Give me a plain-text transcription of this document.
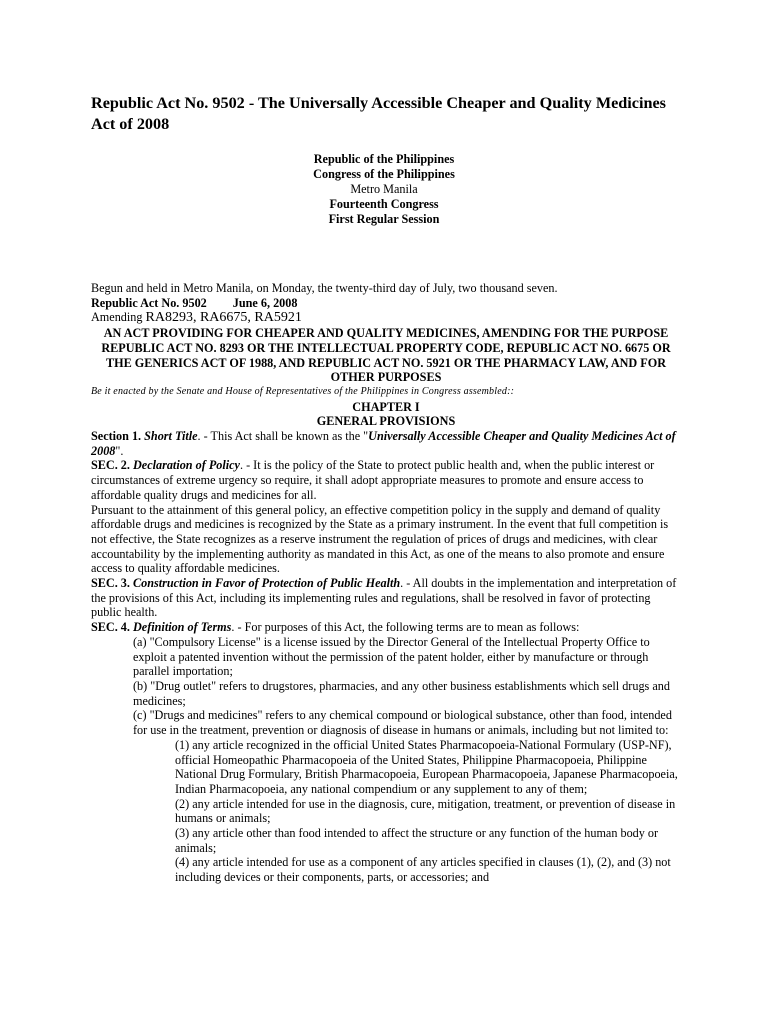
Republic Act No. 9502 - The Universally Accessible Cheaper and Quality Medicines Act of 2008
Republic of the Philippines
Congress of the Philippines
Metro Manila
Fourteenth Congress
First Regular Session

Begun and held in Metro Manila, on Monday, the twenty-third day of July, two thousand seven.

Republic Act No. 9502 June 6, 2008

Amending RA8293, RA6675, RA5921

AN ACT PROVIDING FOR CHEAPER AND QUALITY MEDICINES, AMENDING FOR THE PURPOSE REPUBLIC ACT NO. 8293 OR THE INTELLECTUAL PROPERTY CODE, REPUBLIC ACT NO. 6675 OR THE GENERICS ACT OF 1988, AND REPUBLIC ACT NO. 5921 OR THE PHARMACY LAW, AND FOR OTHER PURPOSES

Be it enacted by the Senate and House of Representatives of the Philippines in Congress assembled::

CHAPTER I

GENERAL PROVISIONS

Section 1. Short Title. - This Act shall be known as the "Universally Accessible Cheaper and Quality Medicines Act of 2008".

SEC. 2. Declaration of Policy. - It is the policy of the State to protect public health and, when the public interest or circumstances of extreme urgency so require, it shall adopt appropriate measures to promote and ensure access to affordable quality drugs and medicines for all.

Pursuant to the attainment of this general policy, an effective competition policy in the supply and demand of quality affordable drugs and medicines is recognized by the State as a primary instrument. In the event that full competition is not effective, the State recognizes as a reserve instrument the regulation of prices of drugs and medicines, with clear accountability by the implementing authority as mandated in this Act, as one of the means to also promote and ensure access to quality affordable medicines.

SEC. 3. Construction in Favor of Protection of Public Health. - All doubts in the implementation and interpretation of the provisions of this Act, including its implementing rules and regulations, shall be resolved in favor of protecting public health.

SEC. 4. Definition of Terms. - For purposes of this Act, the following terms are to mean as follows:

(a) "Compulsory License" is a license issued by the Director General of the Intellectual Property Office to exploit a patented invention without the permission of the patent holder, either by manufacture or through parallel importation;

(b) "Drug outlet" refers to drugstores, pharmacies, and any other business establishments which sell drugs and medicines;

(c) "Drugs and medicines" refers to any chemical compound or biological substance, other than food, intended for use in the treatment, prevention or diagnosis of disease in humans or animals, including but not limited to:

(1) any article recognized in the official United States Pharmacopoeia-National Formulary (USP-NF), official Homeopathic Pharmacopoeia of the United States, Philippine Pharmacopoeia, Philippine National Drug Formulary, British Pharmacopoeia, European Pharmacopoeia, Japanese Pharmacopoeia, Indian Pharmacopoeia, any national compendium or any supplement to any of them;

(2) any article intended for use in the diagnosis, cure, mitigation, treatment, or prevention of disease in humans or animals;

(3) any article other than food intended to affect the structure or any function of the human body or animals;

(4) any article intended for use as a component of any articles specified in clauses (1), (2), and (3) not including devices or their components, parts, or accessories; and
